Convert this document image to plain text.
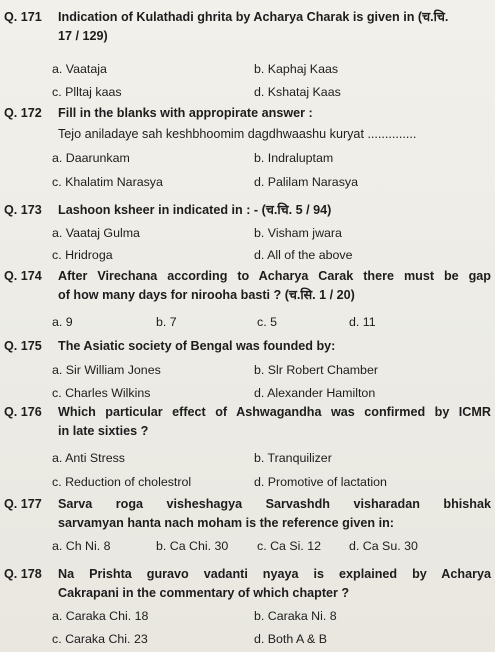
Q. 171	Indication of Kulathadi ghrita by Acharya Charak is given in (च.चि.
17 / 129)
a. Vaataja	b. Kaphaj Kaas
c. Plltaj kaas	d. Kshataj Kaas
Q. 172	Fill in the blanks with appropirate answer :
Tejo aniladaye sah keshbhoomim dagdhwaashu kuryat ..............
a. Daarunkam	b. Indraluptam
c. Khalatim Narasya	d. Palilam Narasya
Q. 173	Lashoon ksheer in indicated in : - (च.चि. 5 / 94)
a. Vaataj Gulma	b. Visham jwara
c. Hridroga	d. All of the above
Q. 174	After Virechana according to Acharya Carak there must be gap
of how many days for nirooha basti ? (च.सि. 1 / 20)
a. 9	b. 7	c. 5	d. 11
Q. 175	The Asiatic society of Bengal was founded by:
a. Sir William Jones	b. Slr Robert Chamber
c. Charles Wilkins	d. Alexander Hamilton
Q. 176	Which particular effect of Ashwagandha was confirmed by ICMR
in late sixties ?
a. Anti Stress	b. Tranquilizer
c. Reduction of cholestrol	d. Promotive of lactation
Q. 177	Sarva roga visheshagya Sarvashdh visharadan bhishak
sarvamyan hanta nach moham is the reference given in:
a. Ch Ni. 8	b. Ca Chi. 30 c. Ca Si. 12 d. Ca Su. 30
Q. 178	Na Prishta guravo vadanti nyaya is explained by Acharya
Cakrapani in the commentary of which chapter ?
a. Caraka Chi. 18	b. Caraka Ni. 8
c. Caraka Chi. 23	d. Both A & B
